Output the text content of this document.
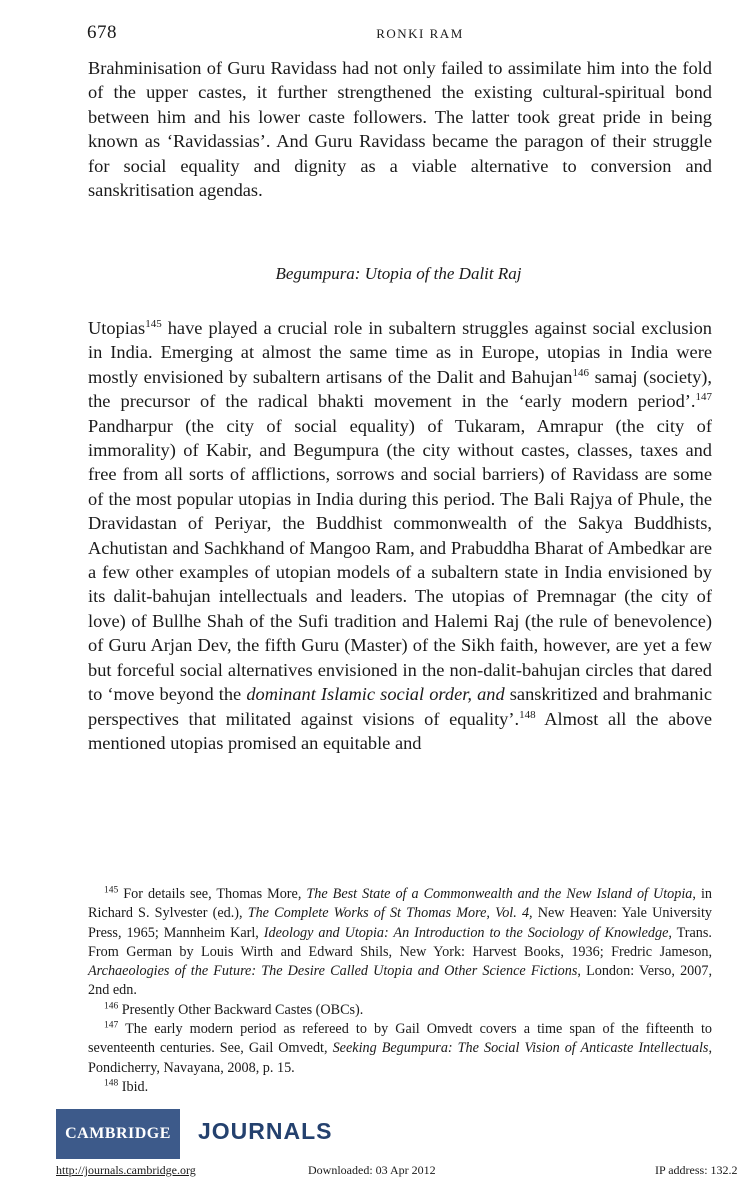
678	RONKI RAM

Brahminisation of Guru Ravidass had not only failed to assimilate him into the fold of the upper castes, it further strengthened the existing cultural-spiritual bond between him and his lower caste followers. The latter took great pride in being known as ‘Ravidassias’. And Guru Ravidass became the paragon of their struggle for social equality and dignity as a viable alternative to conversion and sanskritisation agendas.

Begumpura: Utopia of the Dalit Raj

Utopias$^{145}$ have played a crucial role in subaltern struggles against social exclusion in India. Emerging at almost the same time as in Europe, utopias in India were mostly envisioned by subaltern artisans of the Dalit and Bahujan$^{146}$ samaj (society), the precursor of the radical bhakti movement in the ‘early modern period’.$^{147}$ Pandharpur (the city of social equality) of Tukaram, Amrapur (the city of immorality) of Kabir, and Begumpura (the city without castes, classes, taxes and free from all sorts of afflictions, sorrows and social barriers) of Ravidass are some of the most popular utopias in India during this period. The Bali Rajya of Phule, the Dravidastan of Periyar, the Buddhist commonwealth of the Sakya Buddhists, Achutistan and Sachkhand of Mangoo Ram, and Prabuddha Bharat of Ambedkar are a few other examples of utopian models of a subaltern state in India envisioned by its dalit-bahujan intellectuals and leaders. The utopias of Premnagar (the city of love) of Bullhe Shah of the Sufi tradition and Halemi Raj (the rule of benevolence) of Guru Arjan Dev, the fifth Guru (Master) of the Sikh faith, however, are yet a few but forceful social alternatives envisioned in the non-dalit-bahujan circles that dared to ‘move beyond the dominant Islamic social order, and sanskritized and brahmanic perspectives that militated against visions of equality’.$^{148}$ Almost all the above mentioned utopias promised an equitable and

$^{145}$ For details see, Thomas More, The Best State of a Commonwealth and the New Island of Utopia, in Richard S. Sylvester (ed.), The Complete Works of St Thomas More, Vol. 4, New Heaven: Yale University Press, 1965; Mannheim Karl, Ideology and Utopia: An Introduction to the Sociology of Knowledge, Trans. From German by Louis Wirth and Edward Shils, New York: Harvest Books, 1936; Fredric Jameson, Archaeologies of the Future: The Desire Called Utopia and Other Science Fictions, London: Verso, 2007, 2nd edn.

$^{146}$ Presently Other Backward Castes (OBCs).

$^{147}$ The early modern period as refereed to by Gail Omvedt covers a time span of the fifteenth to seventeenth centuries. See, Gail Omvedt, Seeking Begumpura: The Social Vision of Anticaste Intellectuals, Pondicherry, Navayana, 2008, p. 15.

$^{148}$ Ibid.

CAMBRIDGE JOURNALS
http://journals.cambridge.org	Downloaded: 03 Apr 2012	IP address: 132.2
